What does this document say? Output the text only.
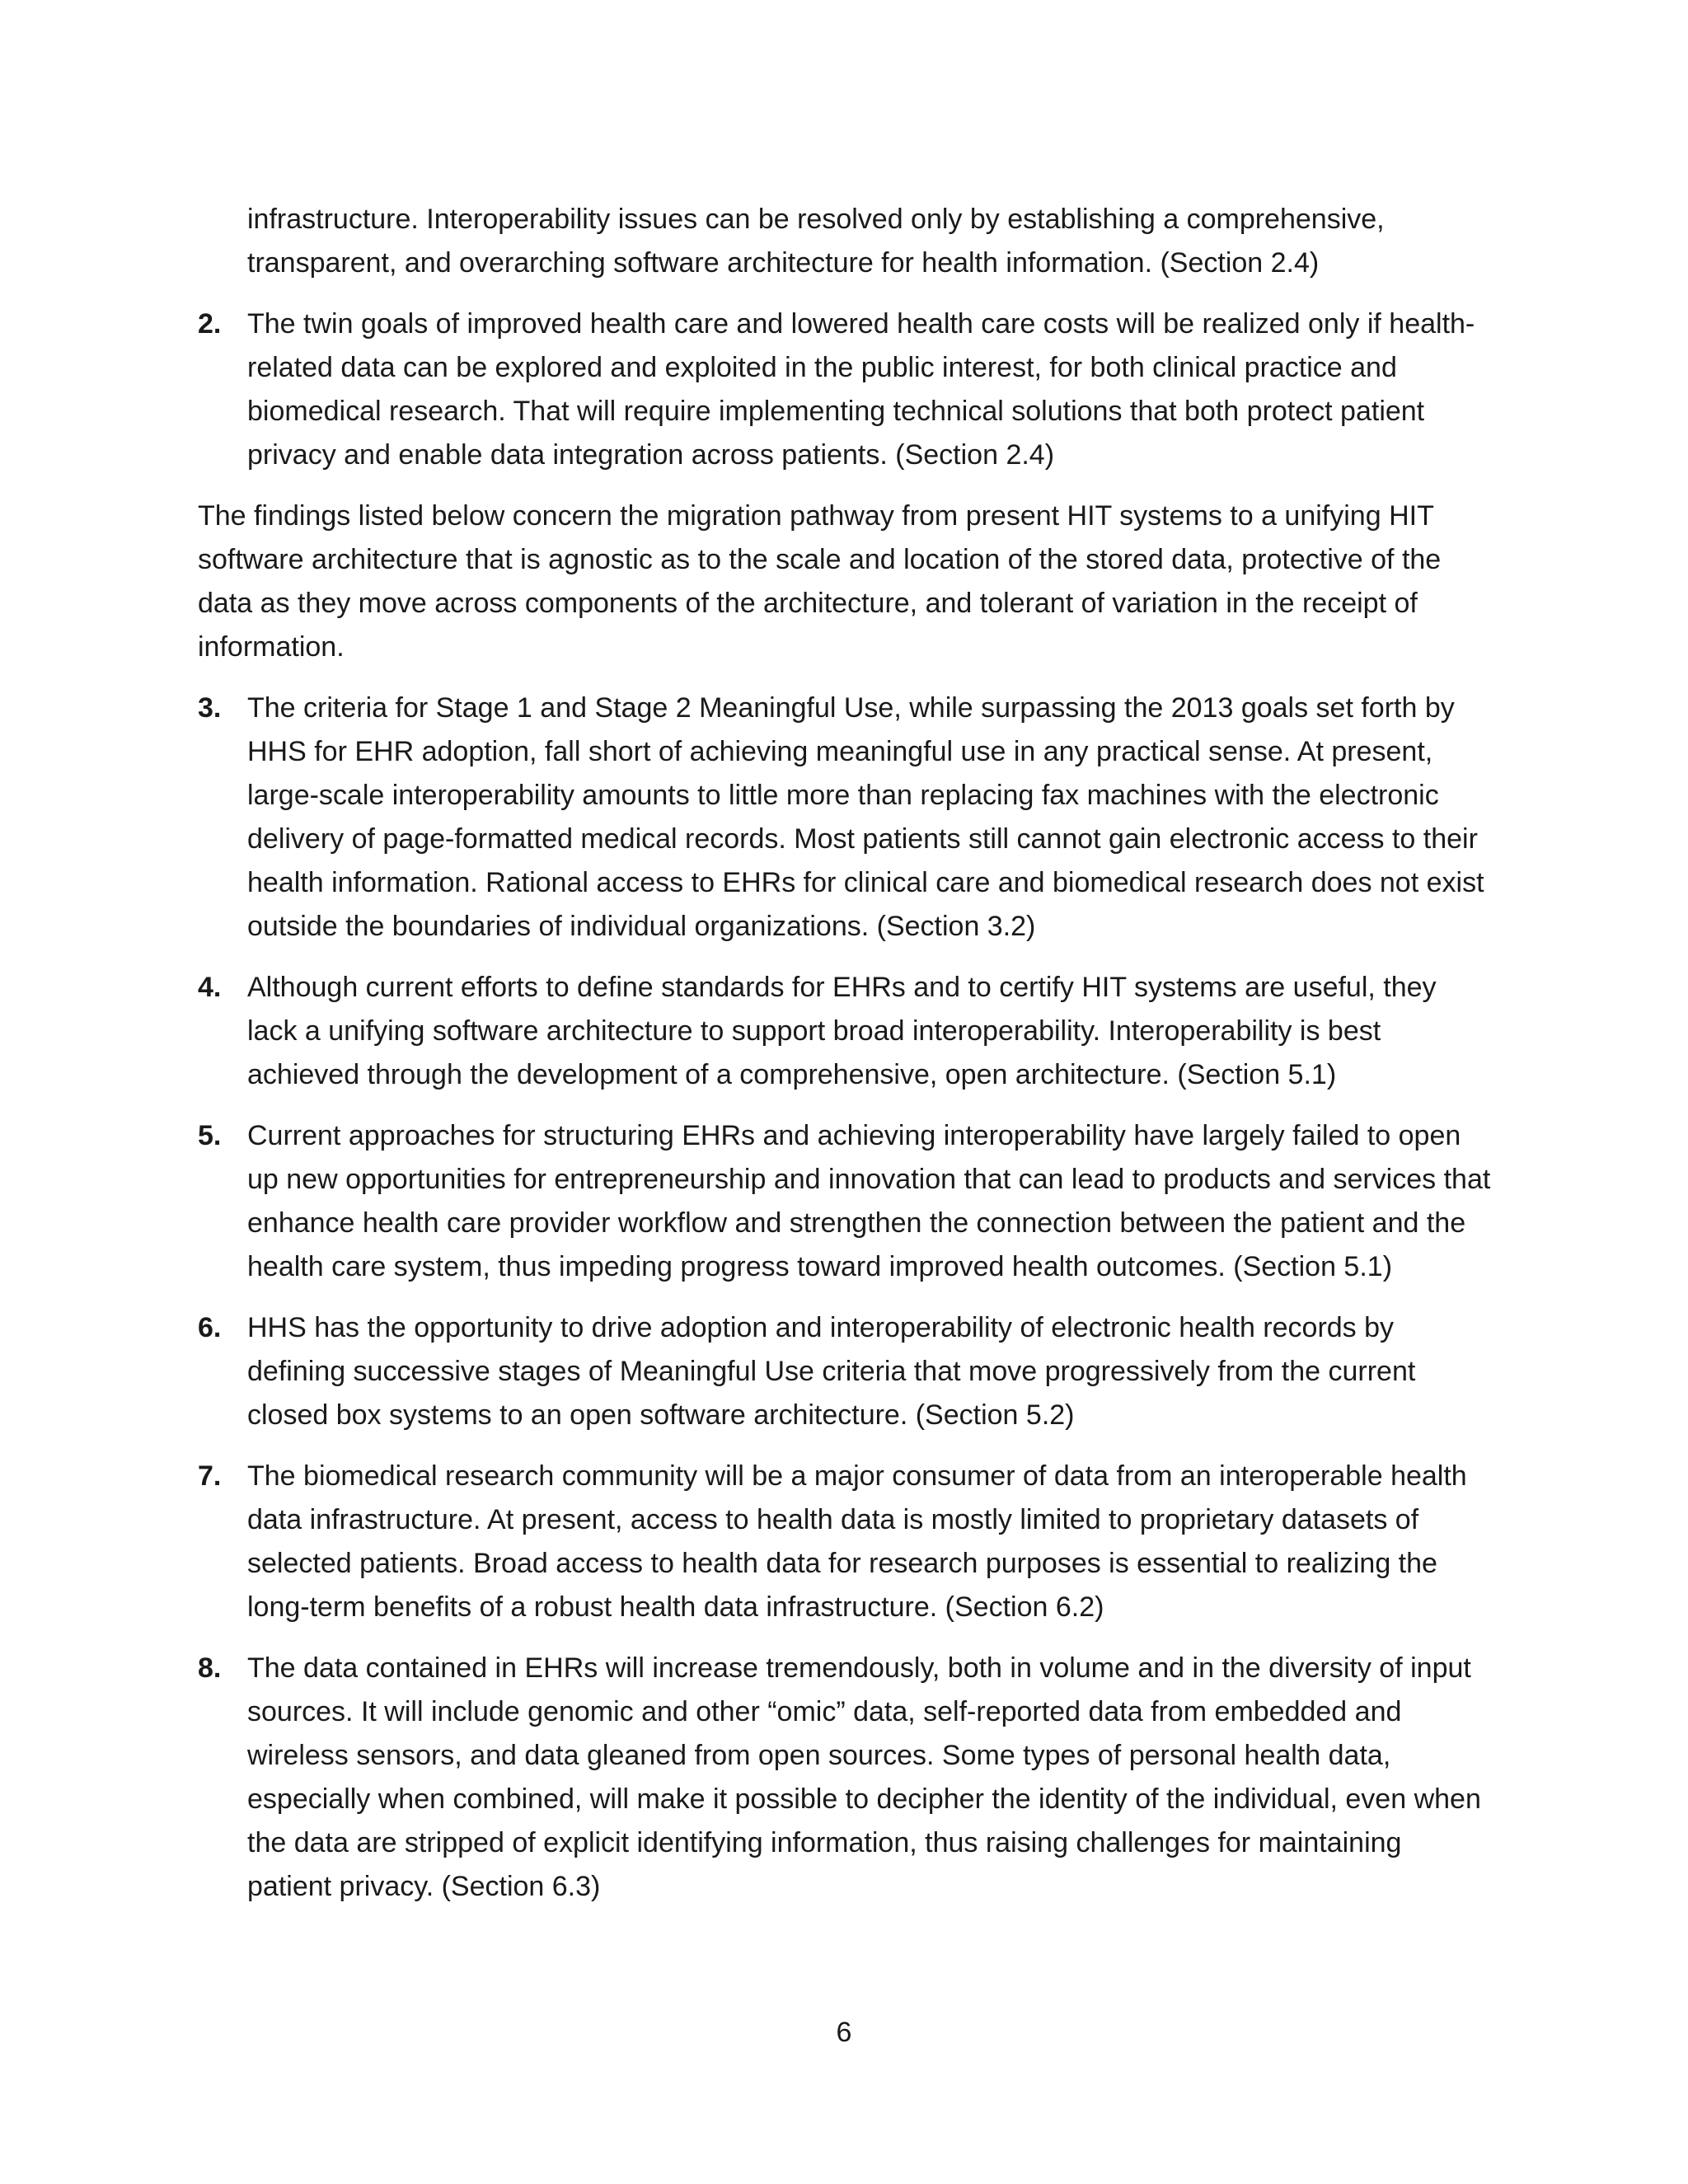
infrastructure. Interoperability issues can be resolved only by establishing a comprehensive, transparent, and overarching software architecture for health information. (Section 2.4)

2. The twin goals of improved health care and lowered health care costs will be realized only if health-related data can be explored and exploited in the public interest, for both clinical practice and biomedical research. That will require implementing technical solutions that both protect patient privacy and enable data integration across patients. (Section 2.4)

The findings listed below concern the migration pathway from present HIT systems to a unifying HIT software architecture that is agnostic as to the scale and location of the stored data, protective of the data as they move across components of the architecture, and tolerant of variation in the receipt of information.

3. The criteria for Stage 1 and Stage 2 Meaningful Use, while surpassing the 2013 goals set forth by HHS for EHR adoption, fall short of achieving meaningful use in any practical sense. At present, large-scale interoperability amounts to little more than replacing fax machines with the electronic delivery of page-formatted medical records. Most patients still cannot gain electronic access to their health information. Rational access to EHRs for clinical care and biomedical research does not exist outside the boundaries of individual organizations. (Section 3.2)
4. Although current efforts to define standards for EHRs and to certify HIT systems are useful, they lack a unifying software architecture to support broad interoperability. Interoperability is best achieved through the development of a comprehensive, open architecture. (Section 5.1)
5. Current approaches for structuring EHRs and achieving interoperability have largely failed to open up new opportunities for entrepreneurship and innovation that can lead to products and services that enhance health care provider workflow and strengthen the connection between the patient and the health care system, thus impeding progress toward improved health outcomes. (Section 5.1)
6. HHS has the opportunity to drive adoption and interoperability of electronic health records by defining successive stages of Meaningful Use criteria that move progressively from the current closed box systems to an open software architecture. (Section 5.2)
7. The biomedical research community will be a major consumer of data from an interoperable health data infrastructure. At present, access to health data is mostly limited to proprietary datasets of selected patients. Broad access to health data for research purposes is essential to realizing the long-term benefits of a robust health data infrastructure. (Section 6.2)
8. The data contained in EHRs will increase tremendously, both in volume and in the diversity of input sources. It will include genomic and other “omic” data, self-reported data from embedded and wireless sensors, and data gleaned from open sources. Some types of personal health data, especially when combined, will make it possible to decipher the identity of the individual, even when the data are stripped of explicit identifying information, thus raising challenges for maintaining patient privacy. (Section 6.3)
6
